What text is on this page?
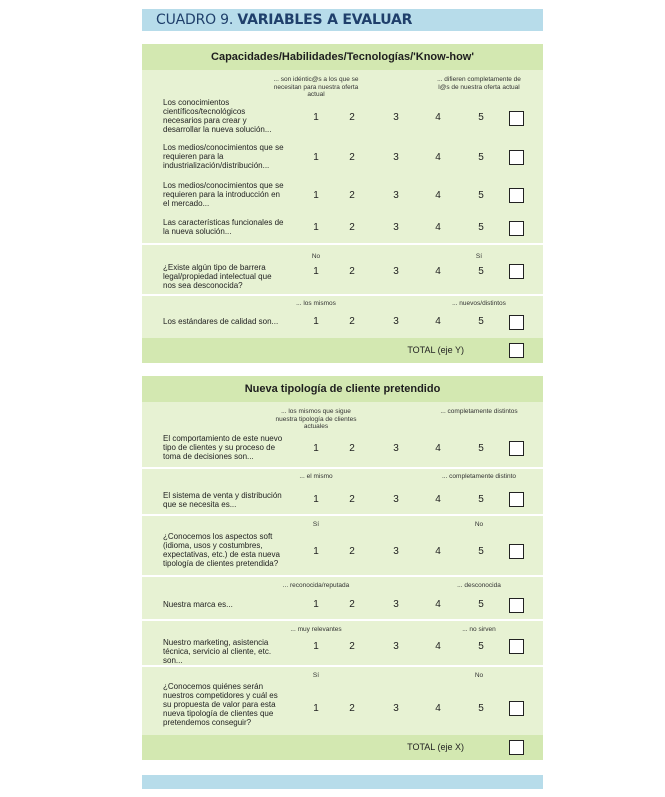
CUADRO 9. VARIABLES A EVALUAR
Capacidades/Habilidades/Tecnologías/'Know-how'
... son idéntic@s a los que se necesitan para nuestra oferta actual
... difieren completamente de l@s de nuestra oferta actual
Los conocimientos científicos/tecnológicos necesarios para crear y desarrollar la nueva solución...
1	2	3	4	5
Los medios/conocimientos que se requieren para la industrialización/distribución...
1	2	3	4	5
Los medios/conocimientos que se requieren para la introducción en el mercado...
1	2	3	4	5
Las características funcionales de la nueva solución...	1	2	3	4	5
No	Sí
¿Existe algún tipo de barrera legal/propiedad intelectual que nos sea desconocida?
1	2	3	4	5
... los mismos	... nuevos/distintos
Los estándares de calidad son...	1	2	3	4	5
TOTAL (eje Y)
Nueva tipología de cliente pretendido
... los mismos que sigue nuestra tipología de clientes actuales
... completamente distintos
El comportamiento de este nuevo tipo de clientes y su proceso de toma de decisiones son...
1	2	3	4	5
... el mismo	... completamente distinto
El sistema de venta y distribución que se necesita es...	1	2	3	4	5
Sí	No
¿Conocemos los aspectos soft (idioma, usos y costumbres, expectativas, etc.) de esta nueva tipología de clientes pretendida?
1	2	3	4	5
... reconocida/reputada	... desconocida
Nuestra marca es...	1	2	3	4	5
... muy relevantes	... no sirven
Nuestro marketing, asistencia técnica, servicio al cliente, etc. son...
1	2	3	4	5
Sí	No
¿Conocemos quiénes serán nuestros competidores y cuál es su propuesta de valor para esta nueva tipología de clientes que pretendemos conseguir?
1	2	3	4	5
TOTAL (eje X)
